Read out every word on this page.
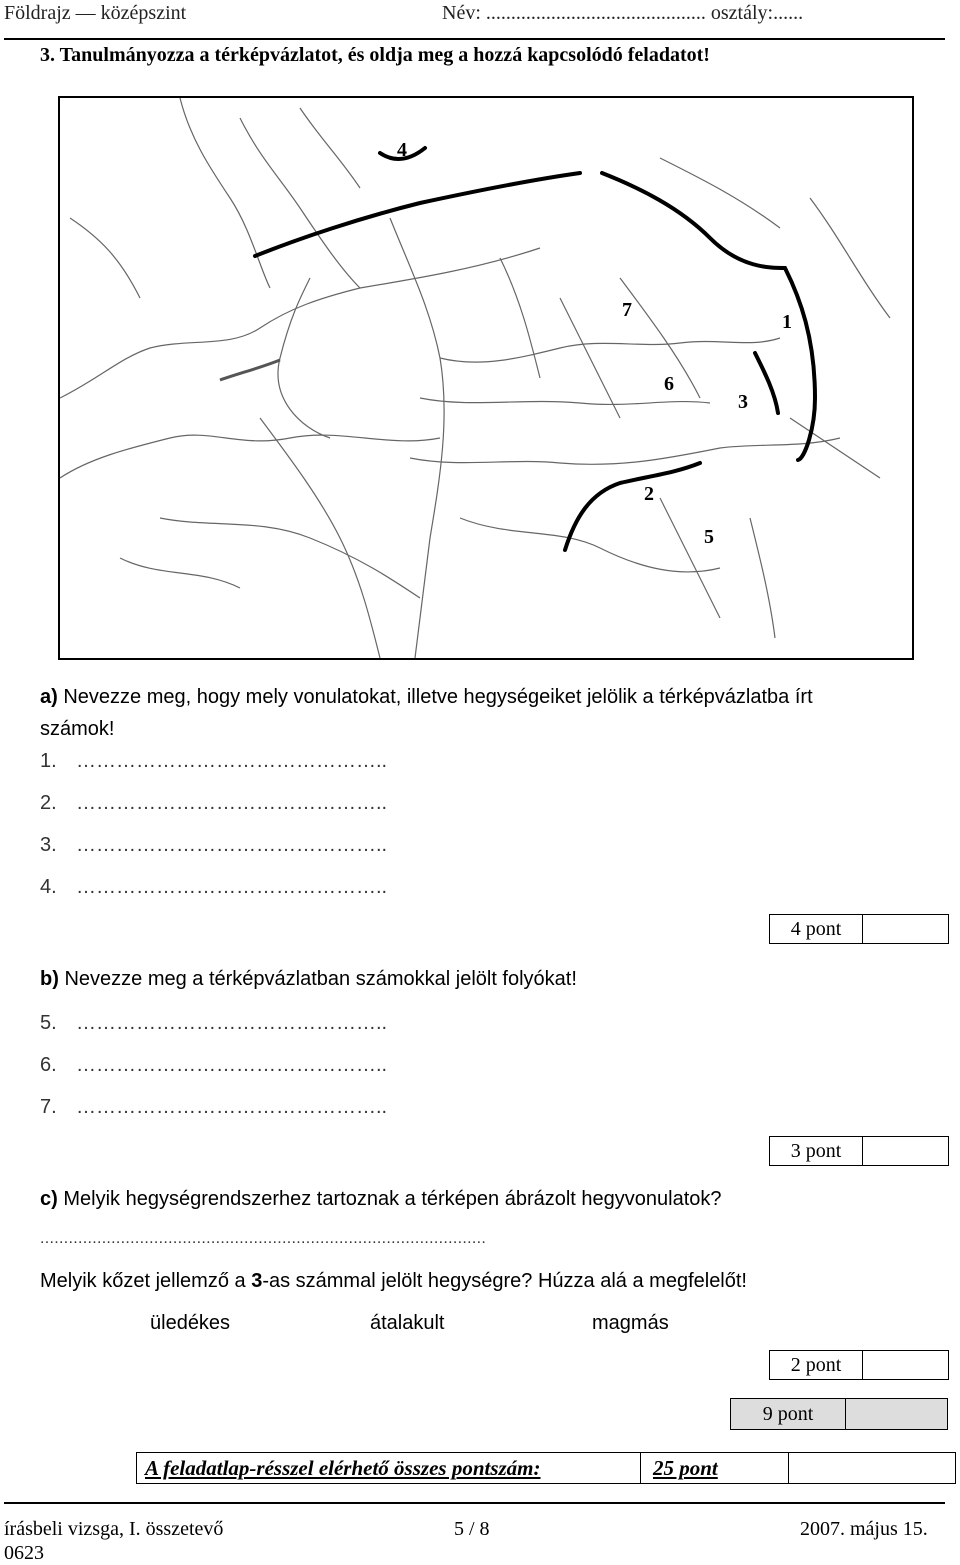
Földrajz — középszint	Név: ............................................ osztály:......
3. Tanulmányozza a térképvázlatot, és oldja meg a hozzá kapcsolódó feladatot!
1
2
3
4
5
6
7
a) Nevezze meg, hogy mely vonulatokat, illetve hegységeiket jelölik a térképvázlatba írt
számok!
1. ………………………………………..
2. ………………………………………..
3. ………………………………………..
4. ………………………………………..
4 pont
b) Nevezze meg a térképvázlatban számokkal jelölt folyókat!
5. ………………………………………..
6. ………………………………………..
7. ………………………………………..
3 pont
c) Melyik hegységrendszerhez tartoznak a térképen ábrázolt hegyvonulatok?
..............................................................................................
Melyik kőzet jellemző a 3-as számmal jelölt hegységre? Húzza alá a megfelelőt!
üledékes	átalakult	magmás
2 pont
9 pont
A feladatlap-résszel elérhető összes pontszám:	25 pont
írásbeli vizsga, I. összetevő
0623
5 / 8	2007. május 15.
